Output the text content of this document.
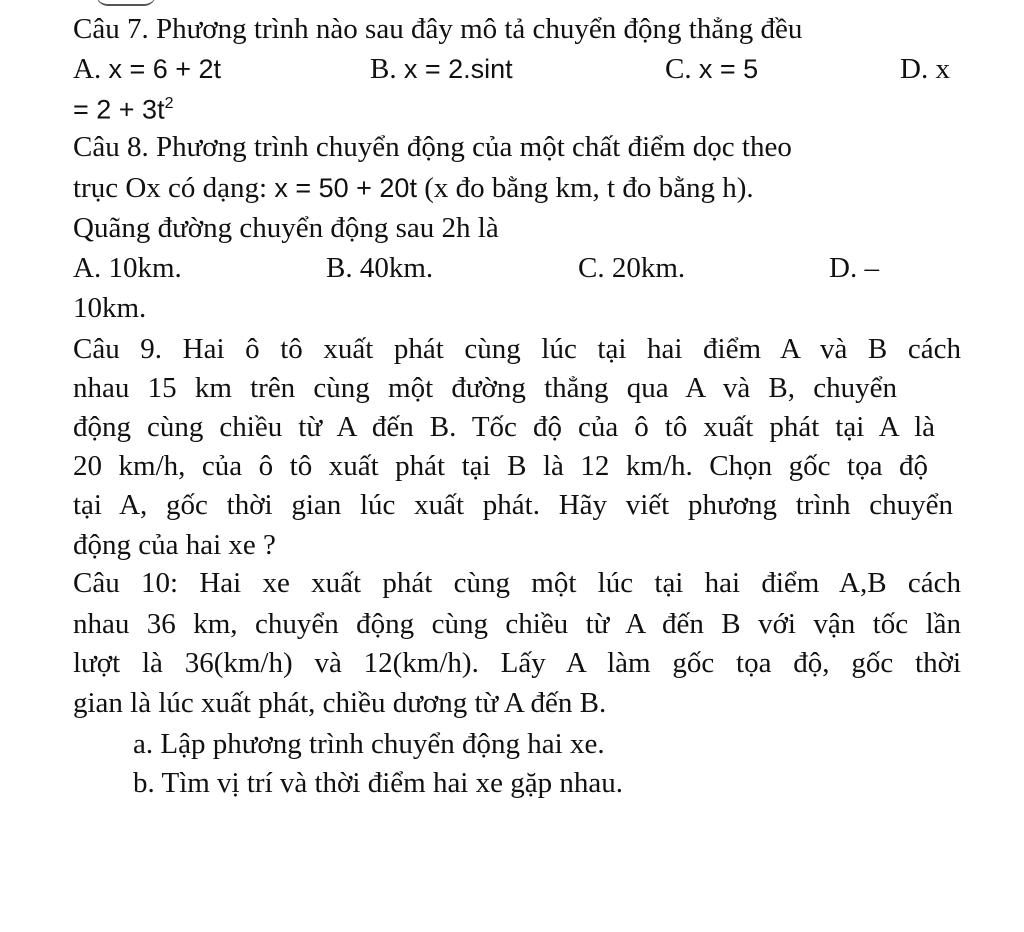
Câu 7. Phương trình nào sau đây mô tả chuyển động thẳng đều
A. x = 6 + 2t	B. x = 2.sint	C. x = 5	D. x
= $2 + 3t^2$
Câu 8. Phương trình chuyển động của một chất điểm dọc theo
trục Ox có dạng: x = 50 + 20t (x đo bằng km, t đo bằng h).
Quãng đường chuyển động sau 2h là
A. 10km.	B. 40km.	C. 20km.	D. –
10km.
Câu 9. Hai ô tô xuất phát cùng lúc tại hai điểm A và B cách
nhau 15 km trên cùng một đường thẳng qua A và B, chuyển
động cùng chiều từ A đến B. Tốc độ của ô tô xuất phát tại A là
20 km/h, của ô tô xuất phát tại B là 12 km/h. Chọn gốc tọa độ
tại A, gốc thời gian lúc xuất phát. Hãy viết phương trình chuyển
động của hai xe ?
Câu 10: Hai xe xuất phát cùng một lúc tại hai điểm A,B cách
nhau 36 km, chuyển động cùng chiều từ A đến B với vận tốc lần
lượt là 36(km/h) và 12(km/h). Lấy A làm gốc tọa độ, gốc thời
gian là lúc xuất phát, chiều dương từ A đến B.
a. Lập phương trình chuyển động hai xe.
b. Tìm vị trí và thời điểm hai xe gặp nhau.
